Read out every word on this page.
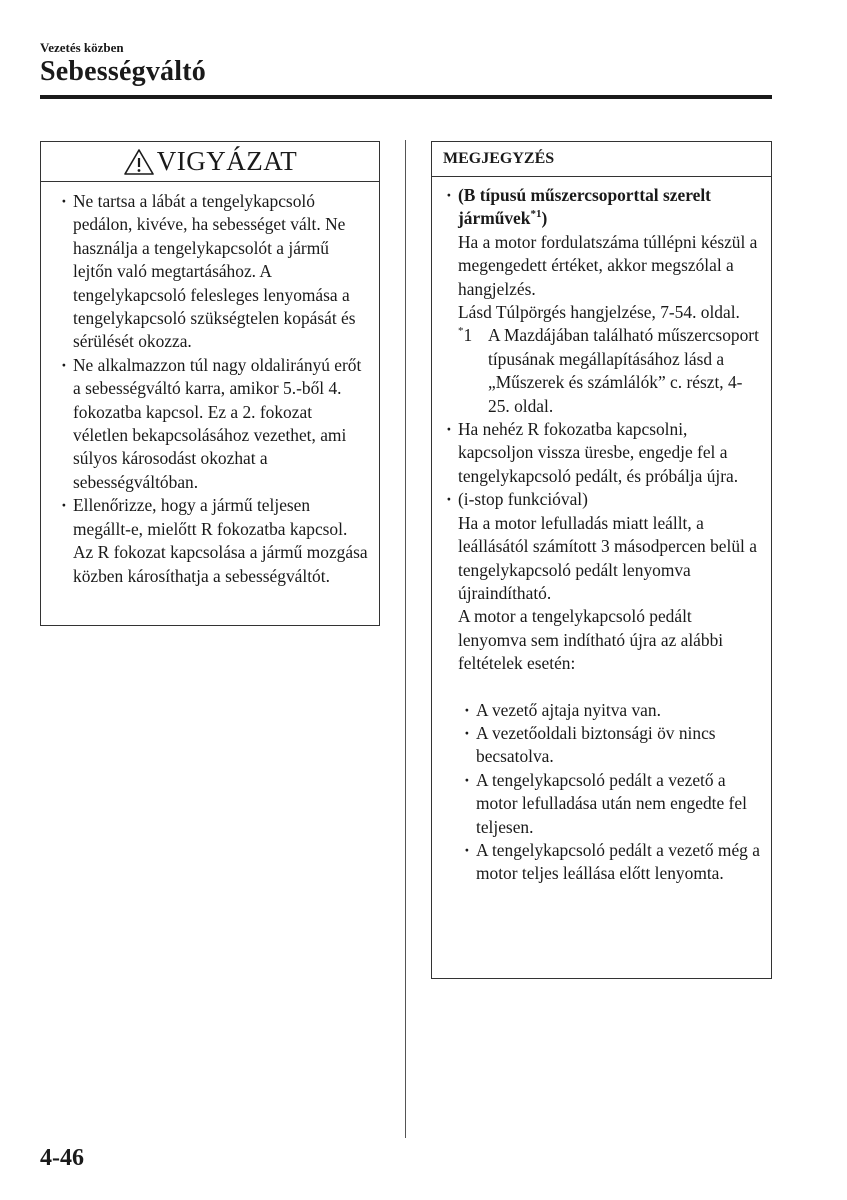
Vezetés közben
Sebességváltó
VIGYÁZAT
· Ne tartsa a lábát a tengelykapcsoló pedálon, kivéve, ha sebességet vált. Ne használja a tengelykapcsolót a jármű lejtőn való megtartásához. A tengelykapcsoló felesleges lenyomása a tengelykapcsoló szükségtelen kopását és sérülését okozza.
· Ne alkalmazzon túl nagy oldalirányú erőt a sebességváltó karra, amikor 5.-ből 4. fokozatba kapcsol. Ez a 2. fokozat véletlen bekapcsolásához vezethet, ami súlyos károsodást okozhat a sebességváltóban.
· Ellenőrizze, hogy a jármű teljesen megállt-e, mielőtt R fokozatba kapcsol. Az R fokozat kapcsolása a jármű mozgása közben károsíthatja a sebességváltót.
MEGJEGYZÉS

· (B típusú műszercsoporttal szerelt járművek$^{*1}$)

Ha a motor fordulatszáma túllépni készül a megengedett értéket, akkor megszólal a hangjelzés.

Lásd Túlpörgés hangjelzése, 7-54. oldal.

*1 A Mazdájában található műszercsoport típusának megállapításához lásd a „Műszerek és számlálók” c. részt, 4-25. oldal.
· Ha nehéz R fokozatba kapcsolni, kapcsoljon vissza üresbe, engedje fel a tengelykapcsoló pedált, és próbálja újra.

· (i-stop funkcióval)

Ha a motor lefulladás miatt leállt, a leállásától számított 3 másodpercen belül a tengelykapcsoló pedált lenyomva újraindítható.

A motor a tengelykapcsoló pedált lenyomva sem indítható újra az alábbi feltételek esetén:

· A vezető ajtaja nyitva van.
· A vezetőoldali biztonsági öv nincs becsatolva.
· A tengelykapcsoló pedált a vezető a motor lefulladása után nem engedte fel teljesen.
· A tengelykapcsoló pedált a vezető még a motor teljes leállása előtt lenyomta.
4-46
